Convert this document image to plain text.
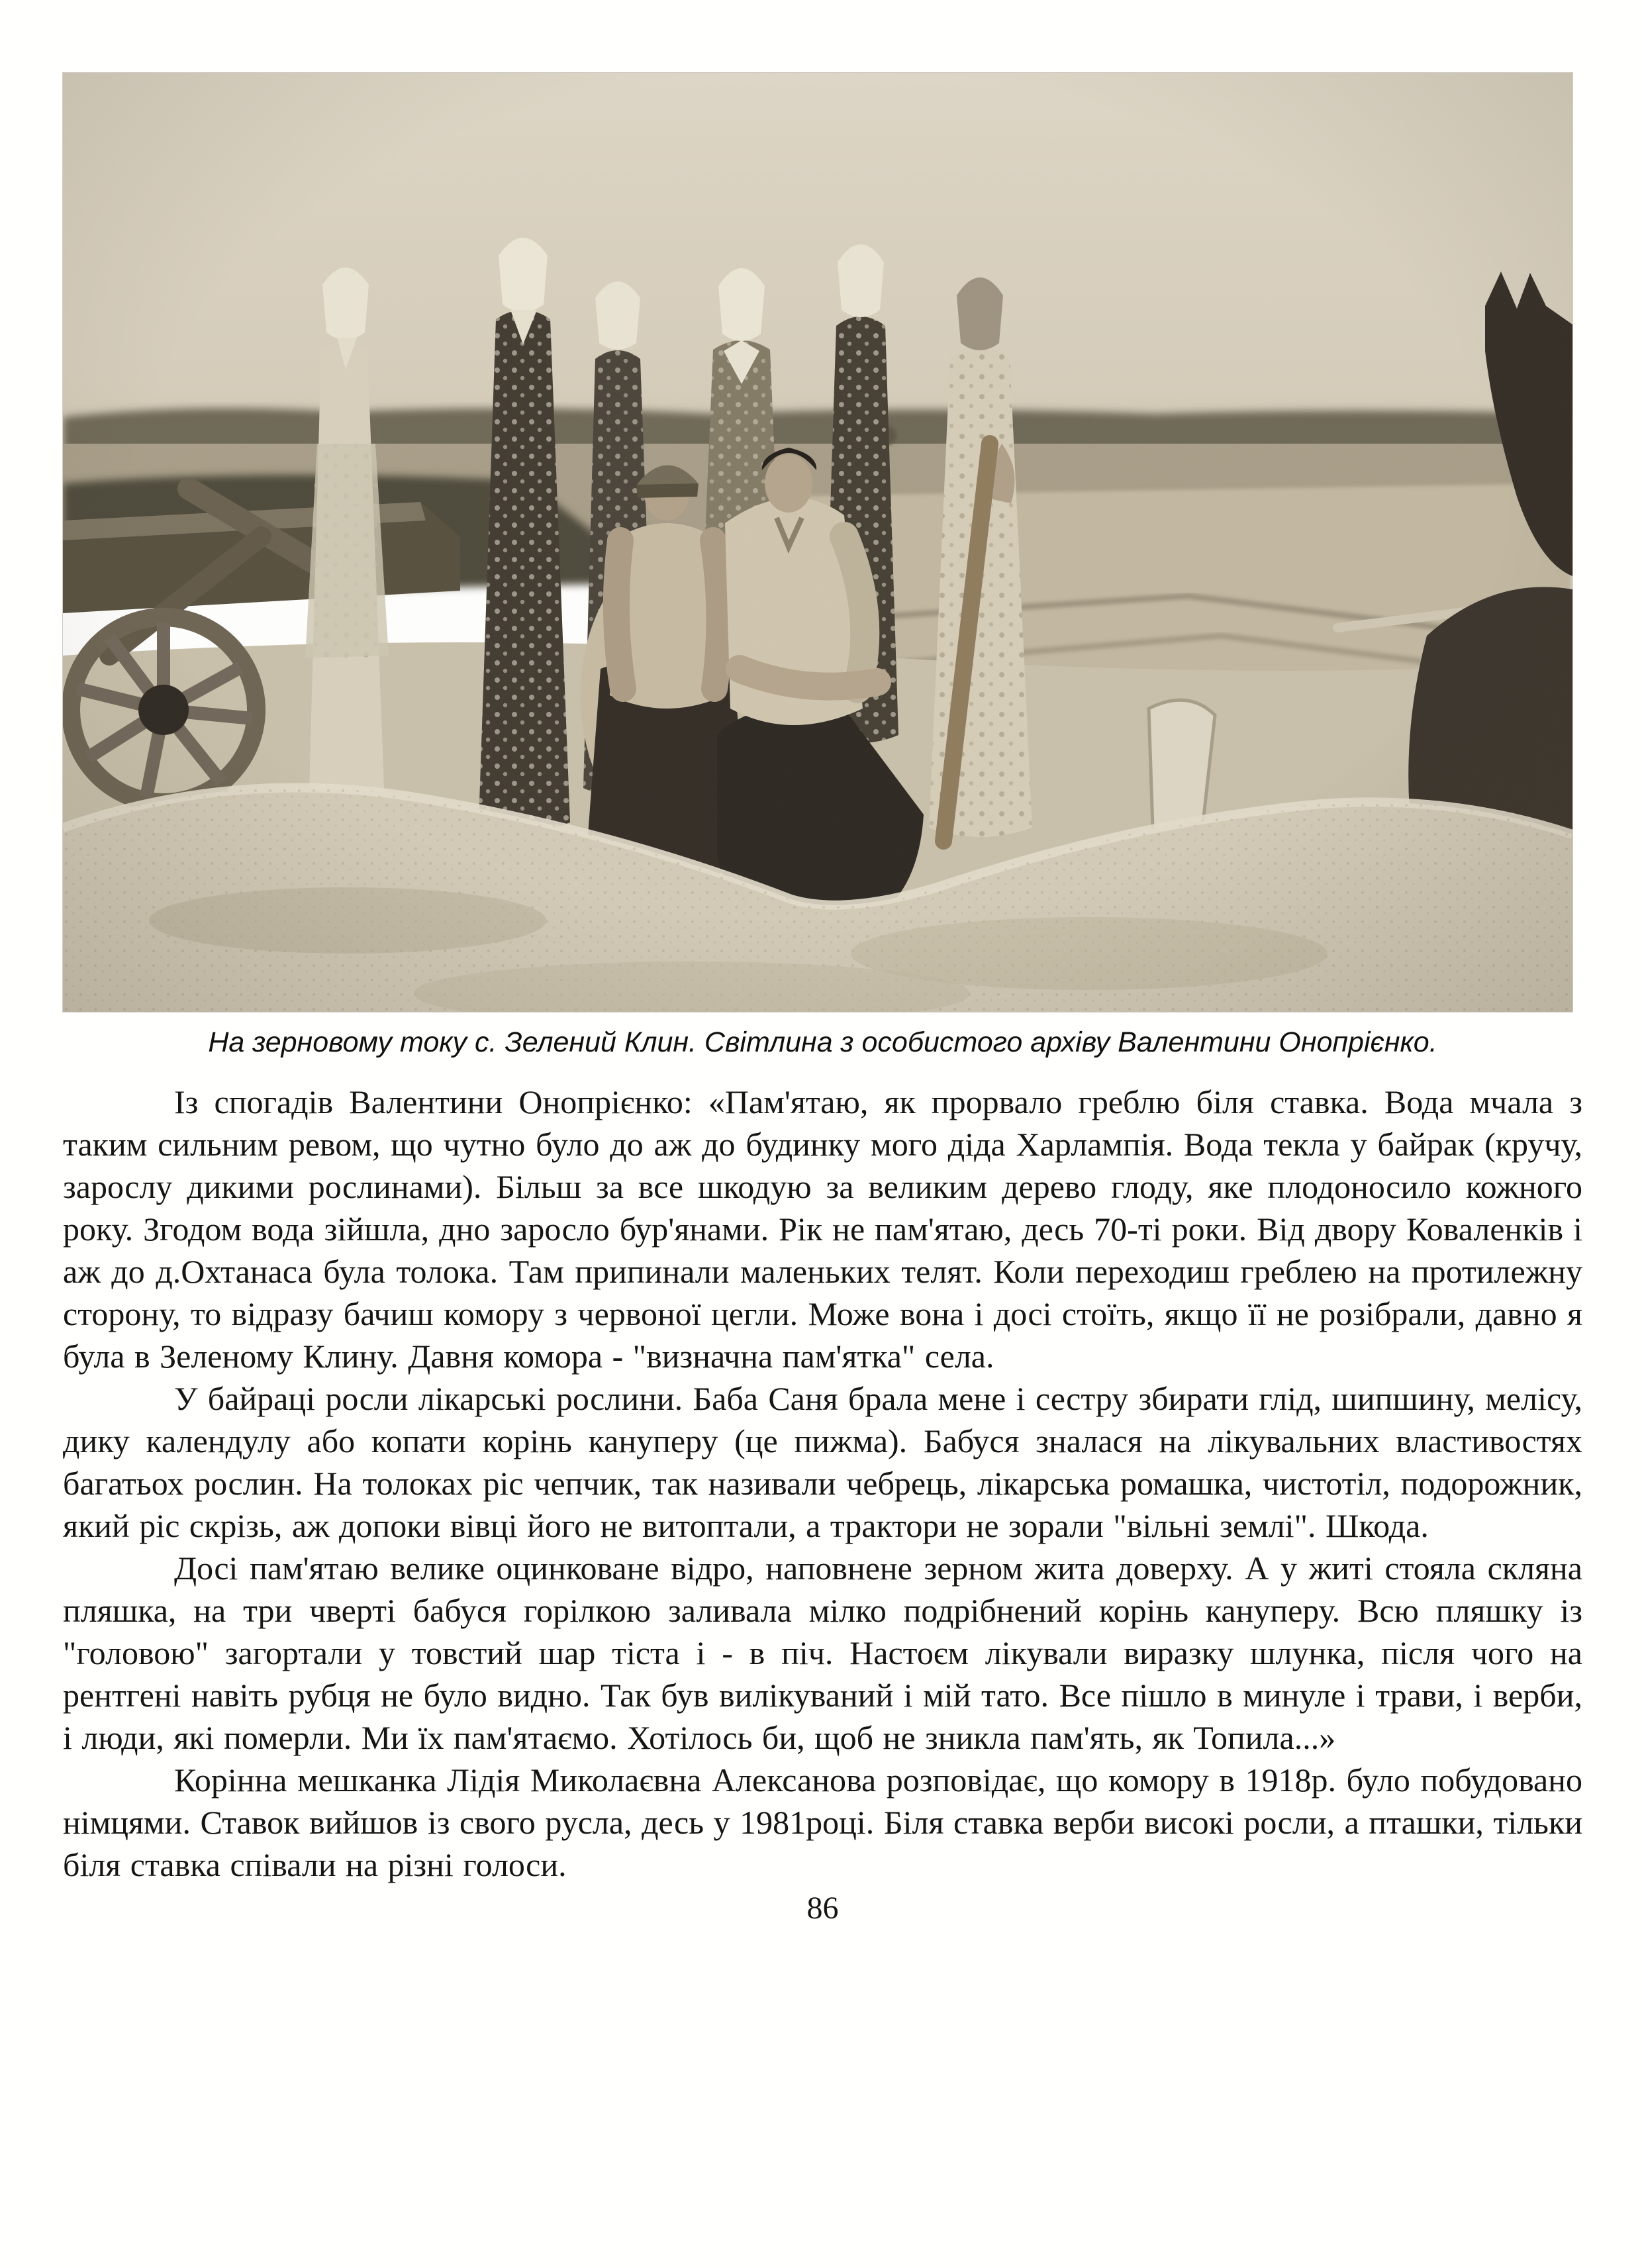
На зерновому току с. Зелений Клин. Світлина з особистого архіву Валентини Онопрієнко.

Із спогадів Валентини Онопрієнко: «Пам'ятаю, як прорвало греблю біля ставка. Вода мчала з таким сильним ревом, що чутно було до аж до будинку мого діда Харлампія. Вода текла у байрак (кручу, зарослу дикими рослинами). Більш за все шкодую за великим дерево глоду, яке плодоносило кожного року. Згодом вода зійшла, дно заросло бур'янами. Рік не пам'ятаю, десь 70-ті роки. Від двору Коваленків і аж до д.Охтанаса була толока. Там припинали маленьких телят. Коли переходиш греблею на протилежну сторону, то відразу бачиш комору з червоної цегли. Може вона і досі стоїть, якщо її не розібрали, давно я була в Зеленому Клину. Давня комора - "визначна пам'ятка" села.

У байраці росли лікарські рослини. Баба Саня брала мене і сестру збирати глід, шипшину, мелісу, дику календулу або копати корінь кануперу (це пижма). Бабуся зналася на лікувальних властивостях багатьох рослин. На толоках ріс чепчик, так називали чебрець, лікарська ромашка, чистотіл, подорожник, який ріс скрізь, аж допоки вівці його не витоптали, а трактори не зорали "вільні землі". Шкода.

Досі пам'ятаю велике оцинковане відро, наповнене зерном жита доверху. А у житі стояла скляна пляшка, на три чверті бабуся горілкою заливала мілко подрібнений корінь кануперу. Всю пляшку із "головою" загортали у товстий шар тіста і - в піч. Настоєм лікували виразку шлунка, після чого на рентгені навіть рубця не було видно. Так був вилікуваний і мій тато. Все пішло в минуле і трави, і верби, і люди, які померли. Ми їх пам'ятаємо. Хотілось би, щоб не зникла пам'ять, як Топила...»

Корінна мешканка Лідія Миколаєвна Алексанова розповідає, що комору в 1918р. було побудовано німцями. Ставок вийшов із свого русла, десь у 1981році. Біля ставка верби високі росли, а пташки, тільки біля ставка співали на різні голоси.

86
